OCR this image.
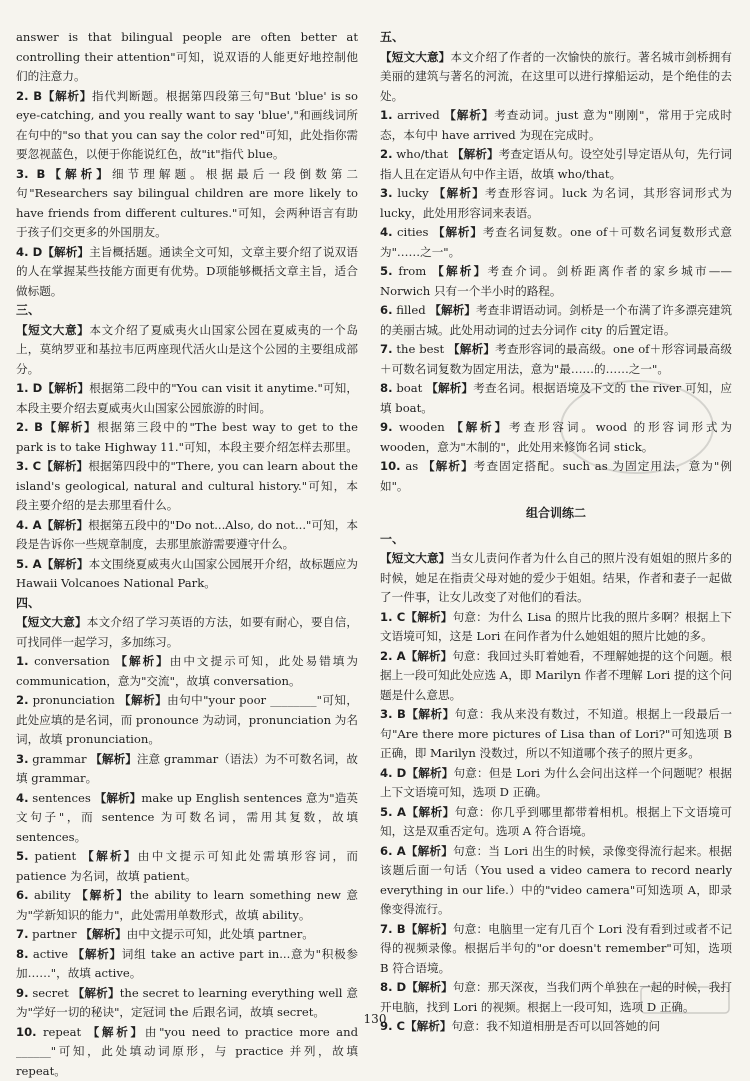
answer is that bilingual people are often better at controlling their attention"可知，说双语的人能更好地控制他们的注意力。

2. B【解析】指代判断题。根据第四段第三句"But 'blue' is so eye-catching, and you really want to say 'blue',"和画线词所在句中的"so that you can say the color red"可知，此处指你需要忽视蓝色，以便于你能说红色，故"it"指代 blue。

3. B【解析】细节理解题。根据最后一段倒数第二句"Researchers say bilingual children are more likely to have friends from different cultures."可知，会两种语言有助于孩子们交更多的外国朋友。

4. D【解析】主旨概括题。通读全文可知，文章主要介绍了说双语的人在掌握某些技能方面更有优势。D项能够概括文章主旨，适合做标题。

三、

【短文大意】本文介绍了夏威夷火山国家公园在夏威夷的一个岛上，莫纳罗亚和基拉韦厄两座现代活火山是这个公园的主要组成部分。

1. D【解析】根据第二段中的"You can visit it anytime."可知，本段主要介绍去夏威夷火山国家公园旅游的时间。

2. B【解析】根据第三段中的"The best way to get to the park is to take Highway 11."可知，本段主要介绍怎样去那里。

3. C【解析】根据第四段中的"There, you can learn about the island's geological, natural and cultural history."可知，本段主要介绍的是去那里看什么。

4. A【解析】根据第五段中的"Do not...Also, do not..."可知，本段是告诉你一些规章制度，去那里旅游需要遵守什么。

5. A【解析】本文围绕夏威夷火山国家公园展开介绍，故标题应为 Hawaii Volcanoes National Park。

四、

【短文大意】本文介绍了学习英语的方法，如要有耐心，要自信，可找同伴一起学习，多加练习。

1. conversation 【解析】由中文提示可知，此处易错填为 communication，意为"交流"，故填 conversation。

2. pronunciation 【解析】由句中"your poor ________"可知，此处应填的是名词，而 pronounce 为动词，pronunciation 为名词，故填 pronunciation。

3. grammar 【解析】注意 grammar（语法）为不可数名词，故填 grammar。

4. sentences 【解析】make up English sentences 意为"造英文句子"，而 sentence 为可数名词，需用其复数，故填 sentences。

5. patient 【解析】由中文提示可知此处需填形容词，而 patience 为名词，故填 patient。

6. ability 【解析】the ability to learn something new 意为"学新知识的能力"，此处需用单数形式，故填 ability。

7. partner 【解析】由中文提示可知，此处填 partner。

8. active 【解析】词组 take an active part in...意为"积极参加……"，故填 active。

9. secret 【解析】the secret to learning everything well 意为"学好一切的秘诀"，定冠词 the 后跟名词，故填 secret。

10. repeat 【解析】由"you need to practice more and ______"可知，此处填动词原形，与 practice 并列，故填 repeat。

五、

【短文大意】本文介绍了作者的一次愉快的旅行。著名城市剑桥拥有美丽的建筑与著名的河流，在这里可以进行撑船运动，是个绝佳的去处。

1. arrived 【解析】考查动词。just 意为"刚刚"，常用于完成时态，本句中 have arrived 为现在完成时。

2. who/that 【解析】考查定语从句。设空处引导定语从句，先行词指人且在定语从句中作主语，故填 who/that。

3. lucky 【解析】考查形容词。luck 为名词，其形容词形式为 lucky，此处用形容词来表语。

4. cities 【解析】考查名词复数。one of＋可数名词复数形式意为"……之一"。

5. from 【解析】考查介词。剑桥距离作者的家乡城市——Norwich 只有一个半小时的路程。

6. filled 【解析】考查非谓语动词。剑桥是一个布满了许多漂亮建筑的美丽古城。此处用动词的过去分词作 city 的后置定语。

7. the best 【解析】考查形容词的最高级。one of＋形容词最高级＋可数名词复数为固定用法，意为"最……的……之一"。

8. boat 【解析】考查名词。根据语境及下文的 the river 可知，应填 boat。

9. wooden 【解析】考查形容词。wood 的形容词形式为 wooden，意为"木制的"，此处用来修饰名词 stick。

10. as 【解析】考查固定搭配。such as 为固定用法，意为"例如"。

组合训练二

一、

【短文大意】当女儿责问作者为什么自己的照片没有姐姐的照片多的时候，她足在指责父母对她的爱少于姐姐。结果，作者和妻子一起做了一件事，让女儿改变了对他们的看法。

1. C【解析】句意：为什么 Lisa 的照片比我的照片多啊？根据上下文语境可知，这是 Lori 在问作者为什么她姐姐的照片比她的多。

2. A【解析】句意：我回过头盯着她看，不理解她提的这个问题。根据上一段可知此处应选 A，即 Marilyn 作者不理解 Lori 提的这个问题是什么意思。

3. B【解析】句意：我从来没有数过，不知道。根据上一段最后一句"Are there more pictures of Lisa than of Lori?"可知选项 B 正确，即 Marilyn 没数过，所以不知道哪个孩子的照片更多。

4. D【解析】句意：但是 Lori 为什么会问出这样一个问题呢？根据上下文语境可知，选项 D 正确。

5. A【解析】句意：你几乎到哪里都带着相机。根据上下文语境可知，这是双重否定句。选项 A 符合语境。

6. A【解析】句意：当 Lori 出生的时候，录像变得流行起来。根据该题后面一句话（You used a video camera to record nearly everything in our life.）中的"video camera"可知选项 A，即录像变得流行。

7. B【解析】句意：电脑里一定有几百个 Lori 没有看到过或者不记得的视频录像。根据后半句的"or doesn't remember"可知，选项 B 符合语境。

8. D【解析】句意：那天深夜，当我们两个单独在一起的时候，我打开电脑，找到 Lori 的视频。根据上一段可知，选项 D 正确。

9. C【解析】句意：我不知道相册是否可以回答她的问

130
